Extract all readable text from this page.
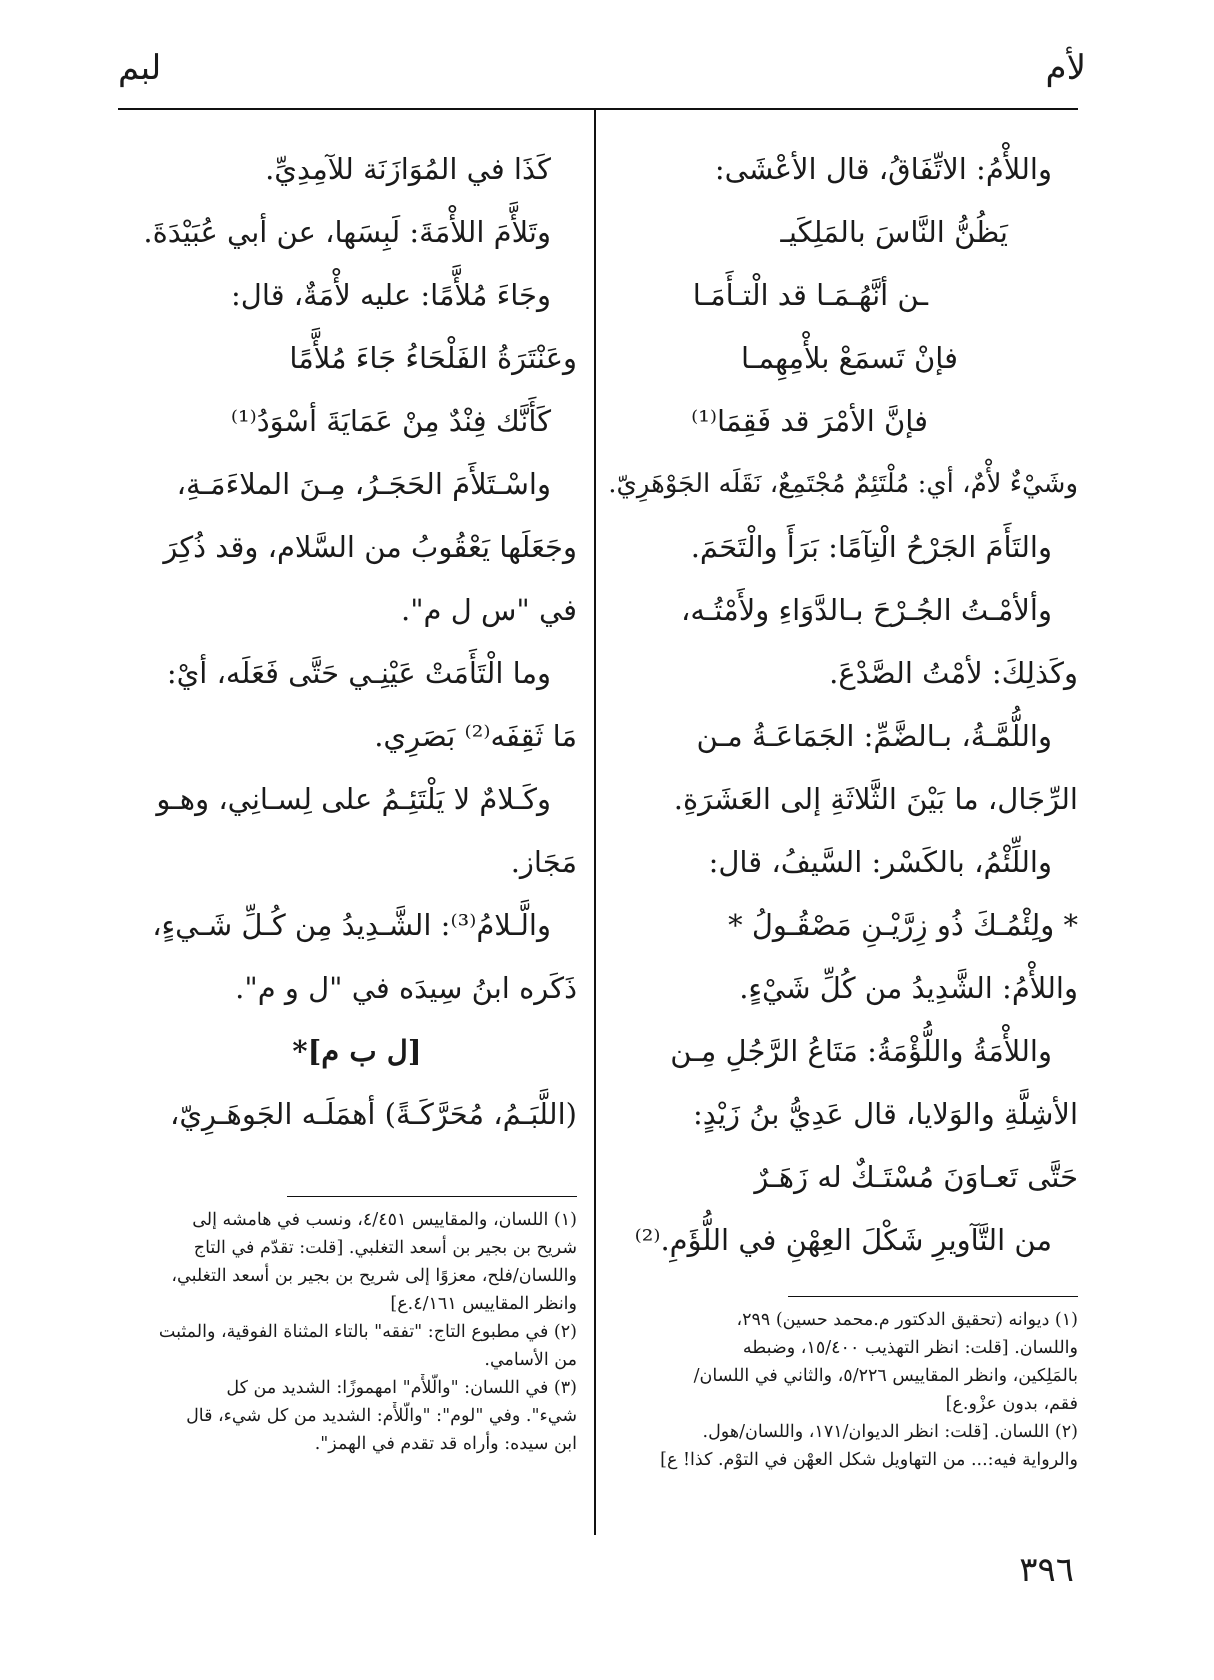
لأم
لبم
واللأْمُ: الاتِّفَاقُ، قال الأعْشَى:
يَظُنُّ النَّاسَ بالمَلِكَيـ
ـن أنَّهُـمَـا قد الْتـأَمَـا
فإنْ تَسمَعْ بلأْمِهِمـا
فإنَّ الأمْرَ قد فَقِمَا⁽¹⁾
وشَيْءٌ لأْمٌ، أي: مُلْتَئِمٌ مُجْتَمِعٌ، نَقَلَه الجَوْهَرِيّ.
والتَأَمَ الجَرْحُ الْتِآمًا: بَرَأَ والْتَحَمَ.
وألأمْـتُ الجُـرْحَ بـالدَّوَاءِ ولأَمْتُـه،
وكَذلِكَ: لأمْتُ الصَّدْعَ.
واللُّمَّـةُ، بـالضَّمِّ: الجَمَاعَـةُ مـن
الرِّجَال، ما بَيْنَ الثَّلاثَةِ إلى العَشَرَةِ.
واللِّئْمُ، بالكَسْر: السَّيفُ، قال:
* ولِئْمُـكَ ذُو زِرَّيْـنِ مَصْقُـولُ *
واللأْمُ: الشَّدِيدُ من كُلِّ شَيْءٍ.
واللأْمَةُ واللُّؤْمَةُ: مَتَاعُ الرَّجُلِ مِـن
الأشِلَّةِ والوَلايا، قال عَدِيُّ بنُ زَيْدٍ:
حَتَّى تَعـاوَنَ مُسْتَـكٌ له زَهَـرٌ
من التَّآويرِ شَكْلَ العِهْنِ في اللُّؤَمِ.⁽²⁾
(١) ديوانه (تحقيق الدكتور م.محمد حسين) ٢٩٩،
واللسان. [قلت: انظر التهذيب ١٥/٤٠٠، وضبطه
بالمَلِكين، وانظر المقاييس ٥/٢٢٦، والثاني في اللسان/
فقم، بدون عزْو.ع]
(٢) اللسان. [قلت: انظر الديوان/١٧١، واللسان/هول.
والرواية فيه:... من التهاويل شكل العهْن في التوْم. كذا! ع]
كَذَا في المُوَازَنَة للآمِدِيِّ.
وتَلأَّمَ اللأْمَةَ: لَبِسَها، عن أبي عُبَيْدَةَ.
وجَاءَ مُلأَّمًا: عليه لأْمَةٌ، قال:
وعَنْتَرَةُ الفَلْحَاءُ جَاءَ مُلأَّمًا
كَأَنَّك فِنْدٌ مِنْ عَمَايَةَ أسْوَدُ⁽¹⁾
واسْـتَلأَمَ الحَجَـرُ، مِـنَ الملاءَمَـةِ،
وجَعَلَها يَعْقُوبُ من السَّلام، وقد ذُكِرَ
في "س ل م".
وما الْتَأَمَتْ عَيْنِـي حَتَّى فَعَلَه، أيْ:
مَا ثَقِفَه⁽²⁾ بَصَرِي.
وكَـلامٌ لا يَلْتَئِـمُ على لِسـانِي، وهـو
مَجَاز.
والَّـلامُ⁽³⁾: الشَّـدِيدُ مِن كُـلِّ شَـيءٍ،
ذَكَره ابنُ سِيدَه في "ل و م".
[ل ب م]*
(اللَّبَـمُ، مُحَرَّكَـةً) أهمَلَـه الجَوهَـرِيّ،
(١) اللسان، والمقاييس ٤/٤٥١، ونسب في هامشه إلى
شريح بن بجير بن أسعد التغلبي. [قلت: تقدّم في التاج
واللسان/فلح، معزوًا إلى شريح بن بجير بن أسعد التغلبي،
وانظر المقاييس ٤/١٦١.ع]
(٢) في مطبوع التاج: "تفقه" بالتاء المثناة الفوقية، والمثبت
من الأسامي.
(٣) في اللسان: "والَّلأْم" امهموزًا: الشديد من كل
شيء". وفي "لوم": "والَّلأْم: الشديد من كل شيء، قال
ابن سيده: وأراه قد تقدم في الهمز".
٣٩٦
